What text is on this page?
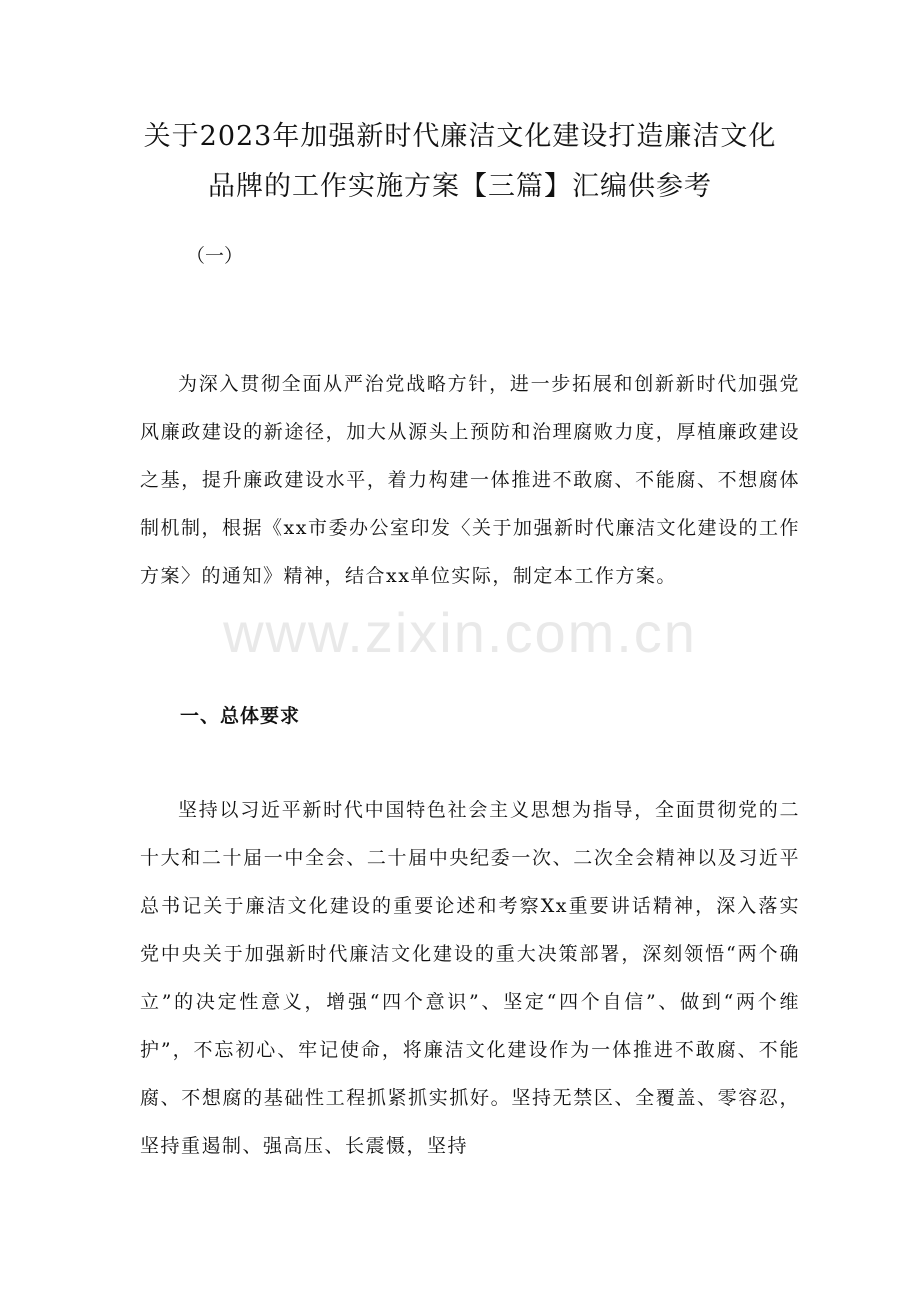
关于2023年加强新时代廉洁文化建设打造廉洁文化
品牌的工作实施方案【三篇】汇编供参考
（一）

为深入贯彻全面从严治党战略方针，进一步拓展和创新新时代加强党风廉政建设的新途径，加大从源头上预防和治理腐败力度，厚植廉政建设之基，提升廉政建设水平，着力构建一体推进不敢腐、不能腐、不想腐体制机制，根据《xx市委办公室印发〈关于加强新时代廉洁文化建设的工作方案〉的通知》精神，结合xx单位实际，制定本工作方案。

一、总体要求

坚持以习近平新时代中国特色社会主义思想为指导，全面贯彻党的二十大和二十届一中全会、二十届中央纪委一次、二次全会精神以及习近平总书记关于廉洁文化建设的重要论述和考察Xx重要讲话精神，深入落实党中央关于加强新时代廉洁文化建设的重大决策部署，深刻领悟“两个确立”的决定性意义，增强“四个意识”、坚定“四个自信”、做到“两个维护”，不忘初心、牢记使命，将廉洁文化建设作为一体推进不敢腐、不能腐、不想腐的基础性工程抓紧抓实抓好。坚持无禁区、全覆盖、零容忍，坚持重遏制、强高压、长震慑，坚持

www.zixin.com.cn
